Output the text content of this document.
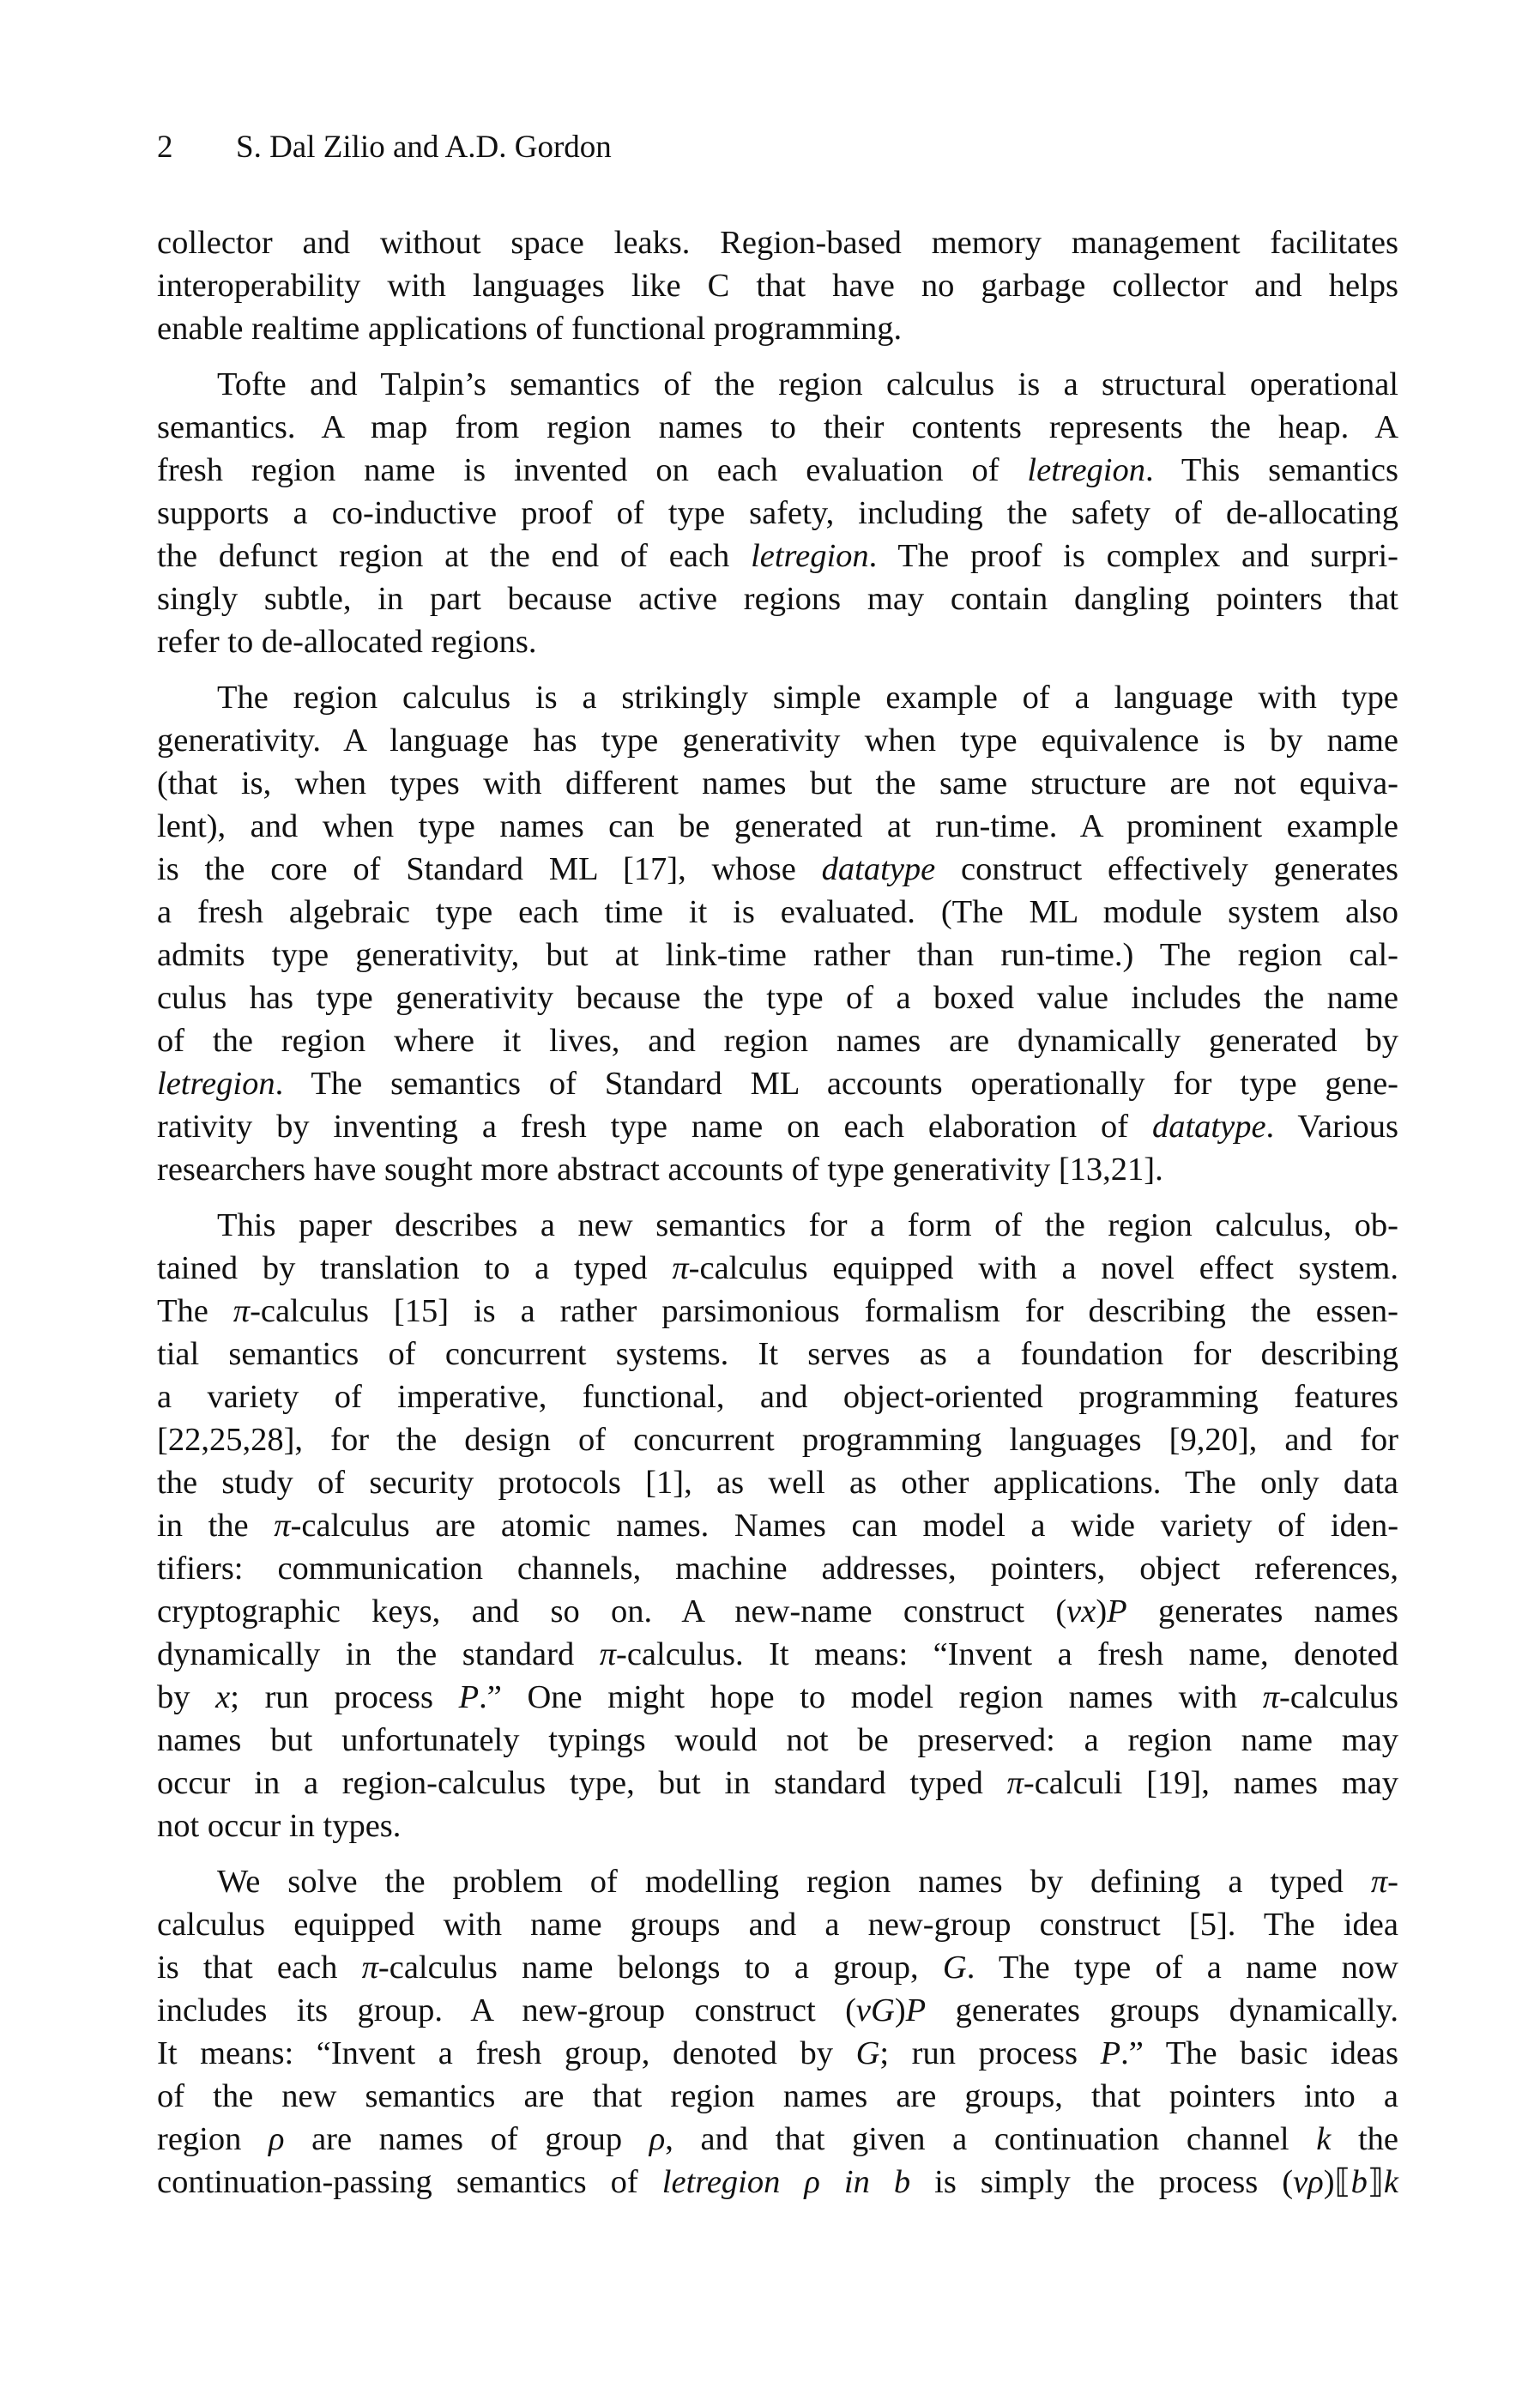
2 S. Dal Zilio and A.D. Gordon
collector and without space leaks. Region-based memory management facilitates
interoperability with languages like C that have no garbage collector and helps
enable realtime applications of functional programming.
Tofte and Talpin’s semantics of the region calculus is a structural operational
semantics. A map from region names to their contents represents the heap. A
fresh region name is invented on each evaluation of letregion. This semantics
supports a co-inductive proof of type safety, including the safety of de-allocating
the defunct region at the end of each letregion. The proof is complex and surpri-
singly subtle, in part because active regions may contain dangling pointers that
refer to de-allocated regions.
The region calculus is a strikingly simple example of a language with type
generativity. A language has type generativity when type equivalence is by name
(that is, when types with different names but the same structure are not equiva-
lent), and when type names can be generated at run-time. A prominent example
is the core of Standard ML [17], whose datatype construct effectively generates
a fresh algebraic type each time it is evaluated. (The ML module system also
admits type generativity, but at link-time rather than run-time.) The region cal-
culus has type generativity because the type of a boxed value includes the name
of the region where it lives, and region names are dynamically generated by
letregion. The semantics of Standard ML accounts operationally for type gene-
rativity by inventing a fresh type name on each elaboration of datatype. Various
researchers have sought more abstract accounts of type generativity [13,21].
This paper describes a new semantics for a form of the region calculus, ob-
tained by translation to a typed π-calculus equipped with a novel effect system.
The π-calculus [15] is a rather parsimonious formalism for describing the essen-
tial semantics of concurrent systems. It serves as a foundation for describing
a variety of imperative, functional, and object-oriented programming features
[22,25,28], for the design of concurrent programming languages [9,20], and for
the study of security protocols [1], as well as other applications. The only data
in the π-calculus are atomic names. Names can model a wide variety of iden-
tifiers: communication channels, machine addresses, pointers, object references,
cryptographic keys, and so on. A new-name construct (νx)P generates names
dynamically in the standard π-calculus. It means: “Invent a fresh name, denoted
by x; run process P.” One might hope to model region names with π-calculus
names but unfortunately typings would not be preserved: a region name may
occur in a region-calculus type, but in standard typed π-calculi [19], names may
not occur in types.
We solve the problem of modelling region names by defining a typed π-
calculus equipped with name groups and a new-group construct [5]. The idea
is that each π-calculus name belongs to a group, G. The type of a name now
includes its group. A new-group construct (νG)P generates groups dynamically.
It means: “Invent a fresh group, denoted by G; run process P.” The basic ideas
of the new semantics are that region names are groups, that pointers into a
region ρ are names of group ρ, and that given a continuation channel k the
continuation-passing semantics of letregion ρ in b is simply the process (νρ)⟦b⟧k
